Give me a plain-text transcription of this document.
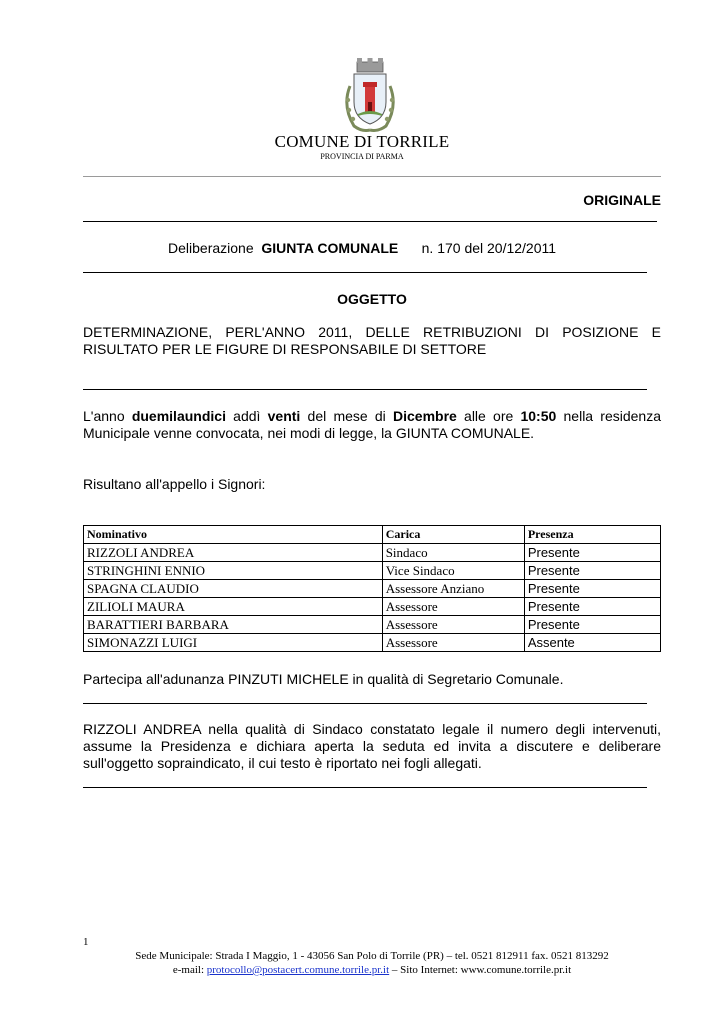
COMUNE DI TORRILE
PROVINCIA DI PARMA
ORIGINALE
Deliberazione GIUNTA COMUNALE n. 170 del 20/12/2011
OGGETTO
DETERMINAZIONE, PERL'ANNO 2011, DELLE RETRIBUZIONI DI POSIZIONE E RISULTATO PER LE FIGURE DI RESPONSABILE DI SETTORE
L'anno duemilaundici addì venti del mese di Dicembre alle ore 10:50 nella residenza Municipale venne convocata, nei modi di legge, la GIUNTA COMUNALE.
Risultano all'appello i Signori:
Nominativo	Carica	Presenza
RIZZOLI ANDREA	Sindaco	Presente
STRINGHINI ENNIO	Vice Sindaco	Presente
SPAGNA CLAUDIO	Assessore Anziano	Presente
ZILIOLI MAURA	Assessore	Presente
BARATTIERI BARBARA	Assessore	Presente
SIMONAZZI LUIGI	Assessore	Assente
Partecipa all'adunanza PINZUTI MICHELE in qualità di Segretario Comunale.
RIZZOLI ANDREA nella qualità di Sindaco constatato legale il numero degli intervenuti, assume la Presidenza e dichiara aperta la seduta ed invita a discutere e deliberare sull'oggetto sopraindicato, il cui testo è riportato nei fogli allegati.
1
Sede Municipale: Strada I Maggio, 1 - 43056 San Polo di Torrile (PR) – tel. 0521 812911 fax. 0521 813292
e-mail: protocollo@postacert.comune.torrile.pr.it – Sito Internet: www.comune.torrile.pr.it
